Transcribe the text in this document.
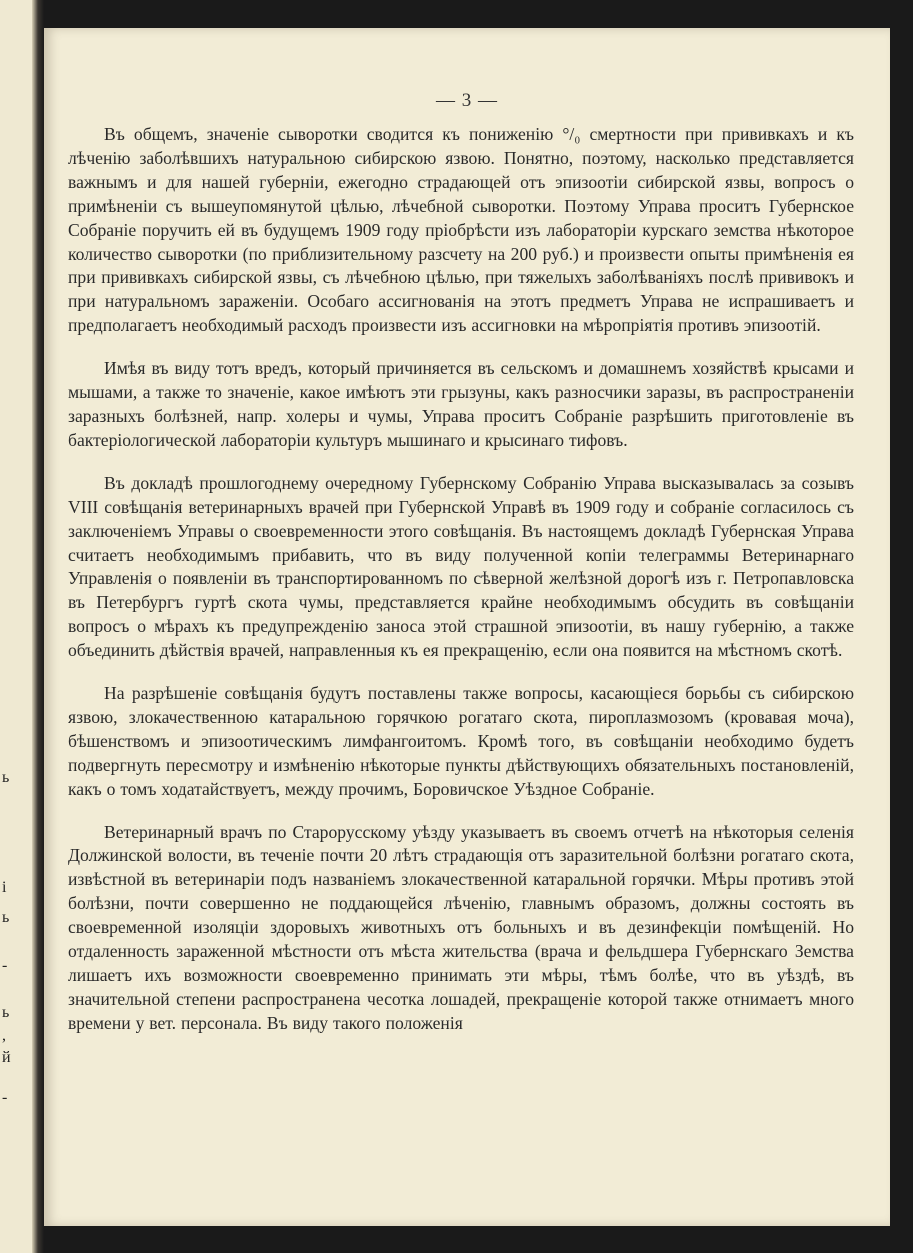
ь
і
ь
-
ь
,
й
-
— 3 —

Въ общемъ, значеніе сыворотки сводится къ пониженію °/₀ смертности при прививкахъ и къ лѣченію заболѣвшихъ натуральною сибирскою язвою. Понятно, поэтому, насколько представляется важнымъ и для нашей губерніи, ежегодно страдающей отъ эпизоотіи сибирской язвы, вопросъ о примѣненіи съ вышеупомянутой цѣлью, лѣчебной сыворотки. Поэтому Управа проситъ Губернское Собраніе поручить ей въ будущемъ 1909 году пріобрѣсти изъ лабораторіи курскаго земства нѣкоторое количество сыворотки (по приблизительному разсчету на 200 руб.) и произвести опыты примѣненія ея при прививкахъ сибирской язвы, съ лѣчебною цѣлью, при тяжелыхъ заболѣваніяхъ послѣ прививокъ и при натуральномъ зараженіи. Особаго ассигнованія на этотъ предметъ Управа не испрашиваетъ и предполагаетъ необходимый расходъ произвести изъ ассигновки на мѣропріятія противъ эпизоотій.

Имѣя въ виду тотъ вредъ, который причиняется въ сельскомъ и домашнемъ хозяйствѣ крысами и мышами, а также то значеніе, какое имѣютъ эти грызуны, какъ разносчики заразы, въ распространеніи заразныхъ болѣзней, напр. холеры и чумы, Управа проситъ Собраніе разрѣшить приготовленіе въ бактеріологической лабораторіи культуръ мышинаго и крысинаго тифовъ.

Въ докладѣ прошлогоднему очередному Губернскому Собранію Управа высказывалась за созывъ VIII совѣщанія ветеринарныхъ врачей при Губернской Управѣ въ 1909 году и собраніе согласилось съ заключеніемъ Управы о своевременности этого совѣщанія. Въ настоящемъ докладѣ Губернская Управа считаетъ необходимымъ прибавить, что въ виду полученной копіи телеграммы Ветеринарнаго Управленія о появленіи въ транспортированномъ по сѣверной желѣзной дорогѣ изъ г. Петропавловска въ Петербургъ гуртѣ скота чумы, представляется крайне необходимымъ обсудить въ совѣщаніи вопросъ о мѣрахъ къ предупрежденію заноса этой страшной эпизоотіи, въ нашу губернію, а также объединить дѣйствія врачей, направленныя къ ея прекращенію, если она появится на мѣстномъ скотѣ.

На разрѣшеніе совѣщанія будутъ поставлены также вопросы, касающіеся борьбы съ сибирскою язвою, злокачественною катаральною горячкою рогатаго скота, пироплазмозомъ (кровавая моча), бѣшенствомъ и эпизоотическимъ лимфангоитомъ. Кромѣ того, въ совѣщаніи необходимо будетъ подвергнуть пересмотру и измѣненію нѣкоторые пункты дѣйствующихъ обязательныхъ постановленій, какъ о томъ ходатайствуетъ, между прочимъ, Боровичское Уѣздное Собраніе.

Ветеринарный врачъ по Старорусскому уѣзду указываетъ въ своемъ отчетѣ на нѣкоторыя селенія Должинской волости, въ теченіе почти 20 лѣтъ страдающія отъ заразительной болѣзни рогатаго скота, извѣстной въ ветеринаріи подъ названіемъ злокачественной катаральной горячки. Мѣры противъ этой болѣзни, почти совершенно не поддающейся лѣченію, главнымъ образомъ, должны состоять въ своевременной изоляціи здоровыхъ животныхъ отъ больныхъ и въ дезинфекціи помѣщеній. Но отдаленность зараженной мѣстности отъ мѣста жительства (врача и фельдшера Губернскаго Земства лишаетъ ихъ возможности своевременно принимать эти мѣры, тѣмъ болѣе, что въ уѣздѣ, въ значительной степени распространена чесотка лошадей, прекращеніе которой также отнимаетъ много времени у вет. персонала. Въ виду такого положенія
